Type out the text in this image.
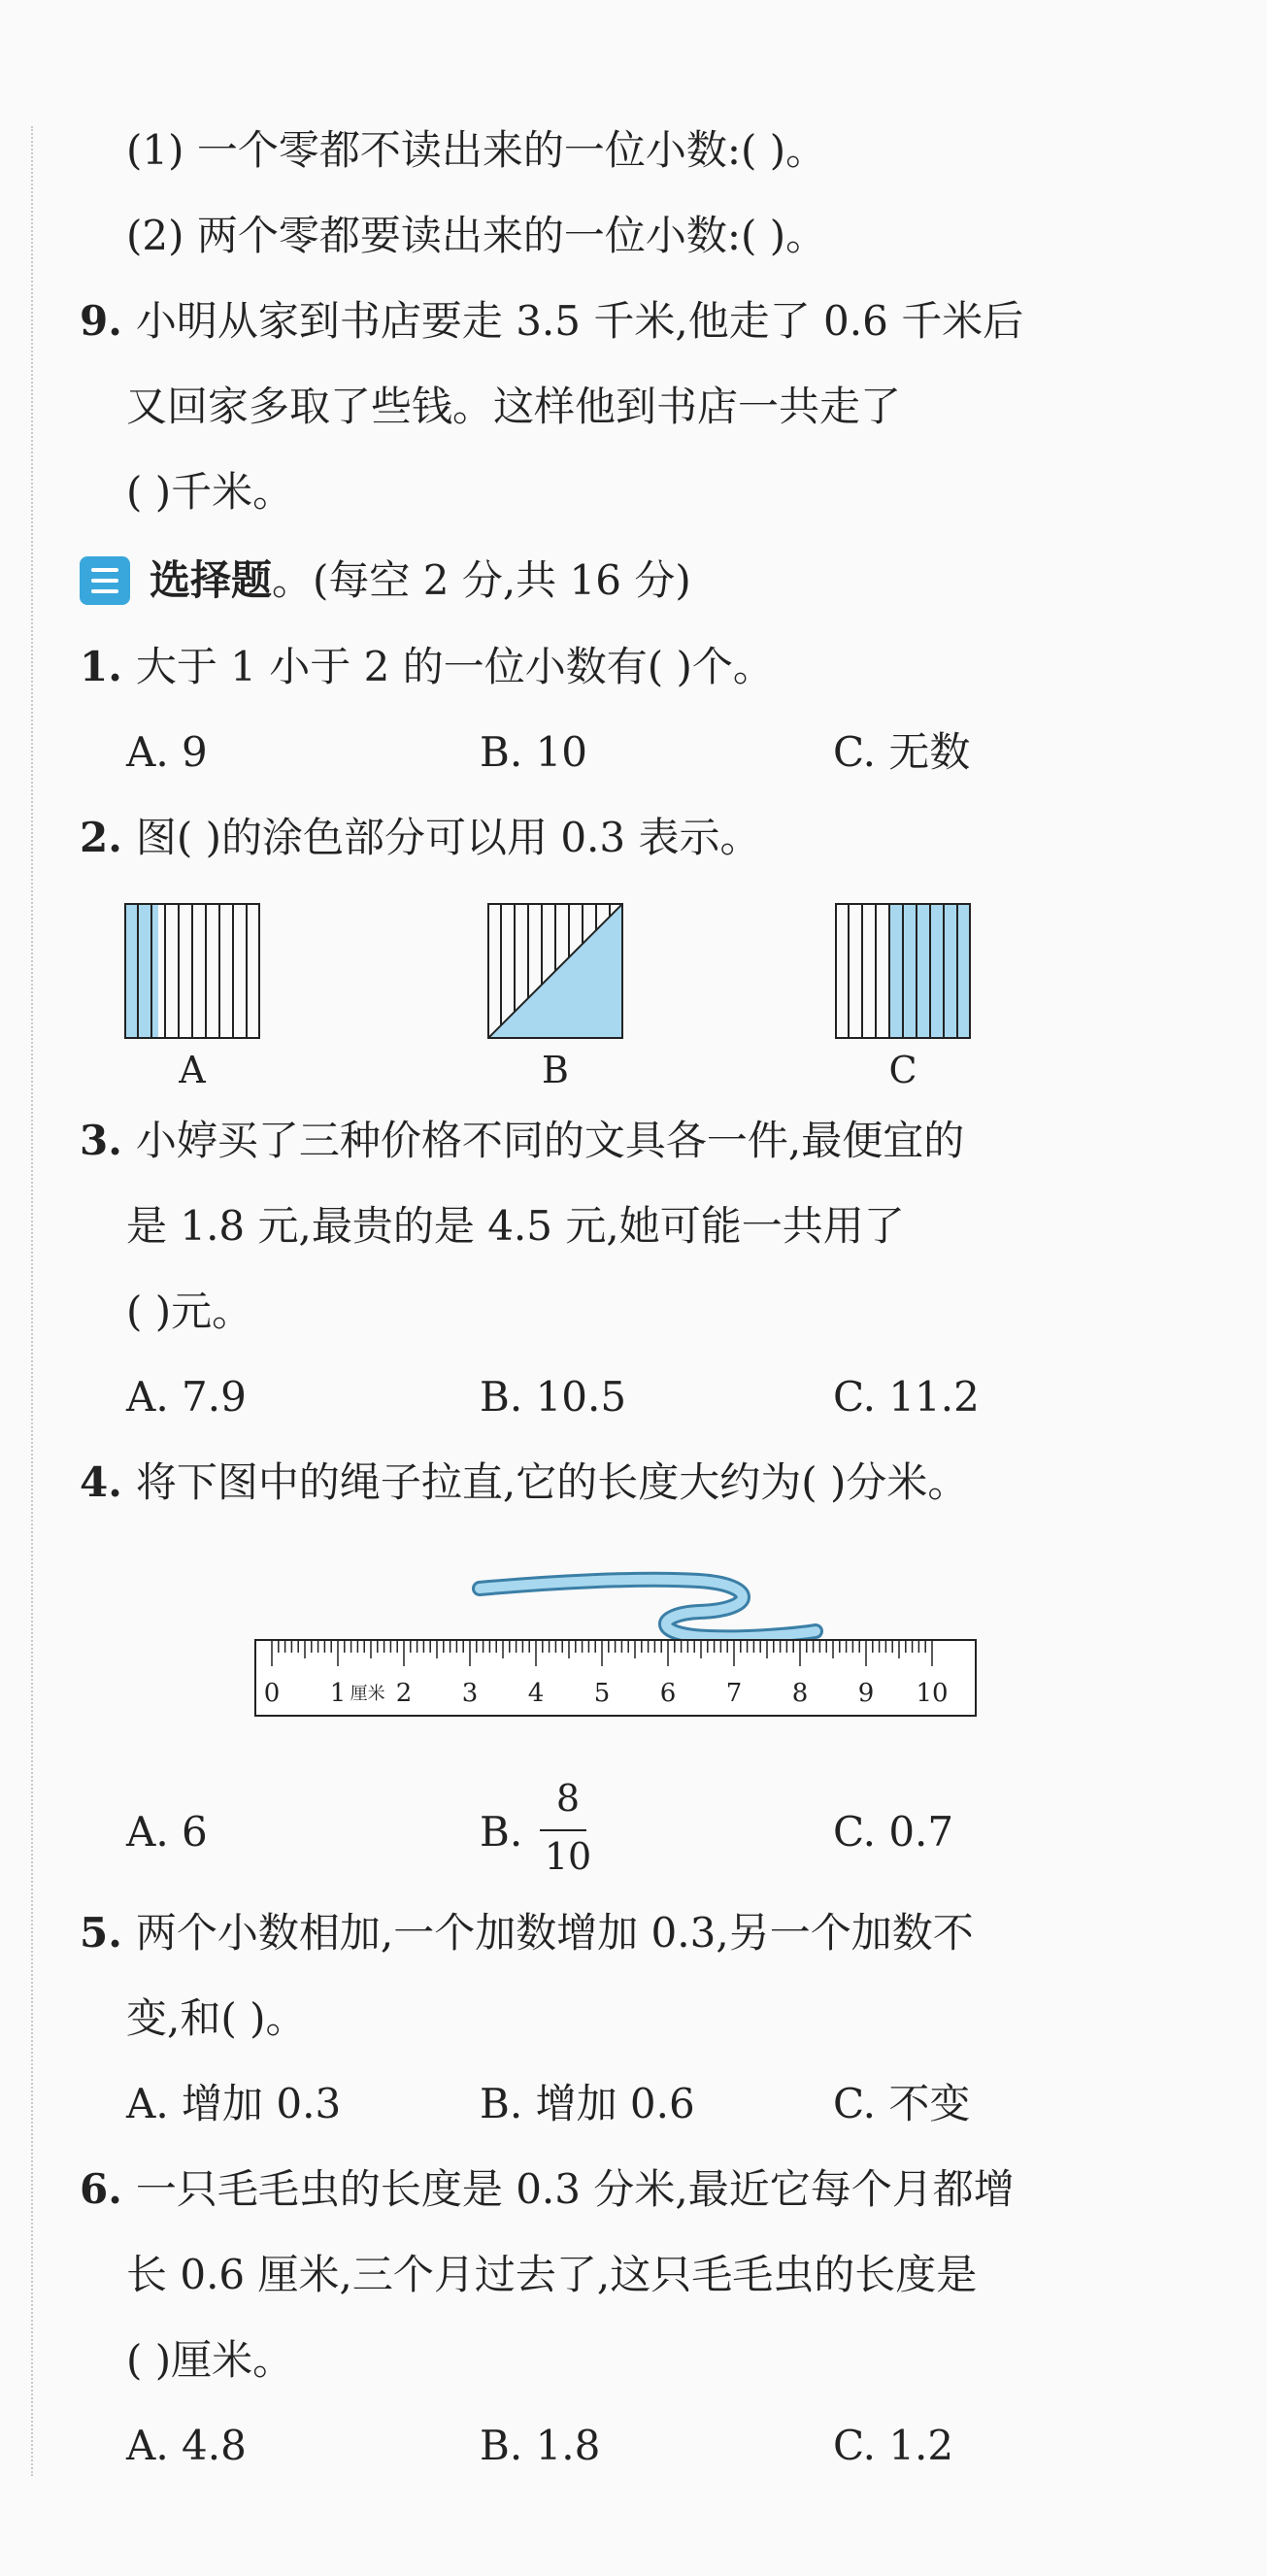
(1) 一个零都不读出来的一位小数:( )。
(2) 两个零都要读出来的一位小数:( )。
9. 小明从家到书店要走 3.5 千米,他走了 0.6 千米后
又回家多取了些钱。这样他到书店一共走了
( )千米。
选择题。(每空 2 分,共 16 分)
1. 大于 1 小于 2 的一位小数有( )个。
A. 9	B. 10	C. 无数
2. 图( )的涂色部分可以用 0.3 表示。
A	B	C
3. 小婷买了三种价格不同的文具各一件,最便宜的
是 1.8 元,最贵的是 4.5 元,她可能一共用了
( )元。
A. 7.9	B. 10.5	C. 11.2
4. 将下图中的绳子拉直,它的长度大约为( )分米。
0 1 2 3 4 5 6 7 8 9 10
厘米
A. 6	B.
8
10
C. 0.7
5. 两个小数相加,一个加数增加 0.3,另一个加数不
变,和( )。
A. 增加 0.3	B. 增加 0.6	C. 不变
6. 一只毛毛虫的长度是 0.3 分米,最近它每个月都增
长 0.6 厘米,三个月过去了,这只毛毛虫的长度是
( )厘米。
A. 4.8	B. 1.8	C. 1.2
